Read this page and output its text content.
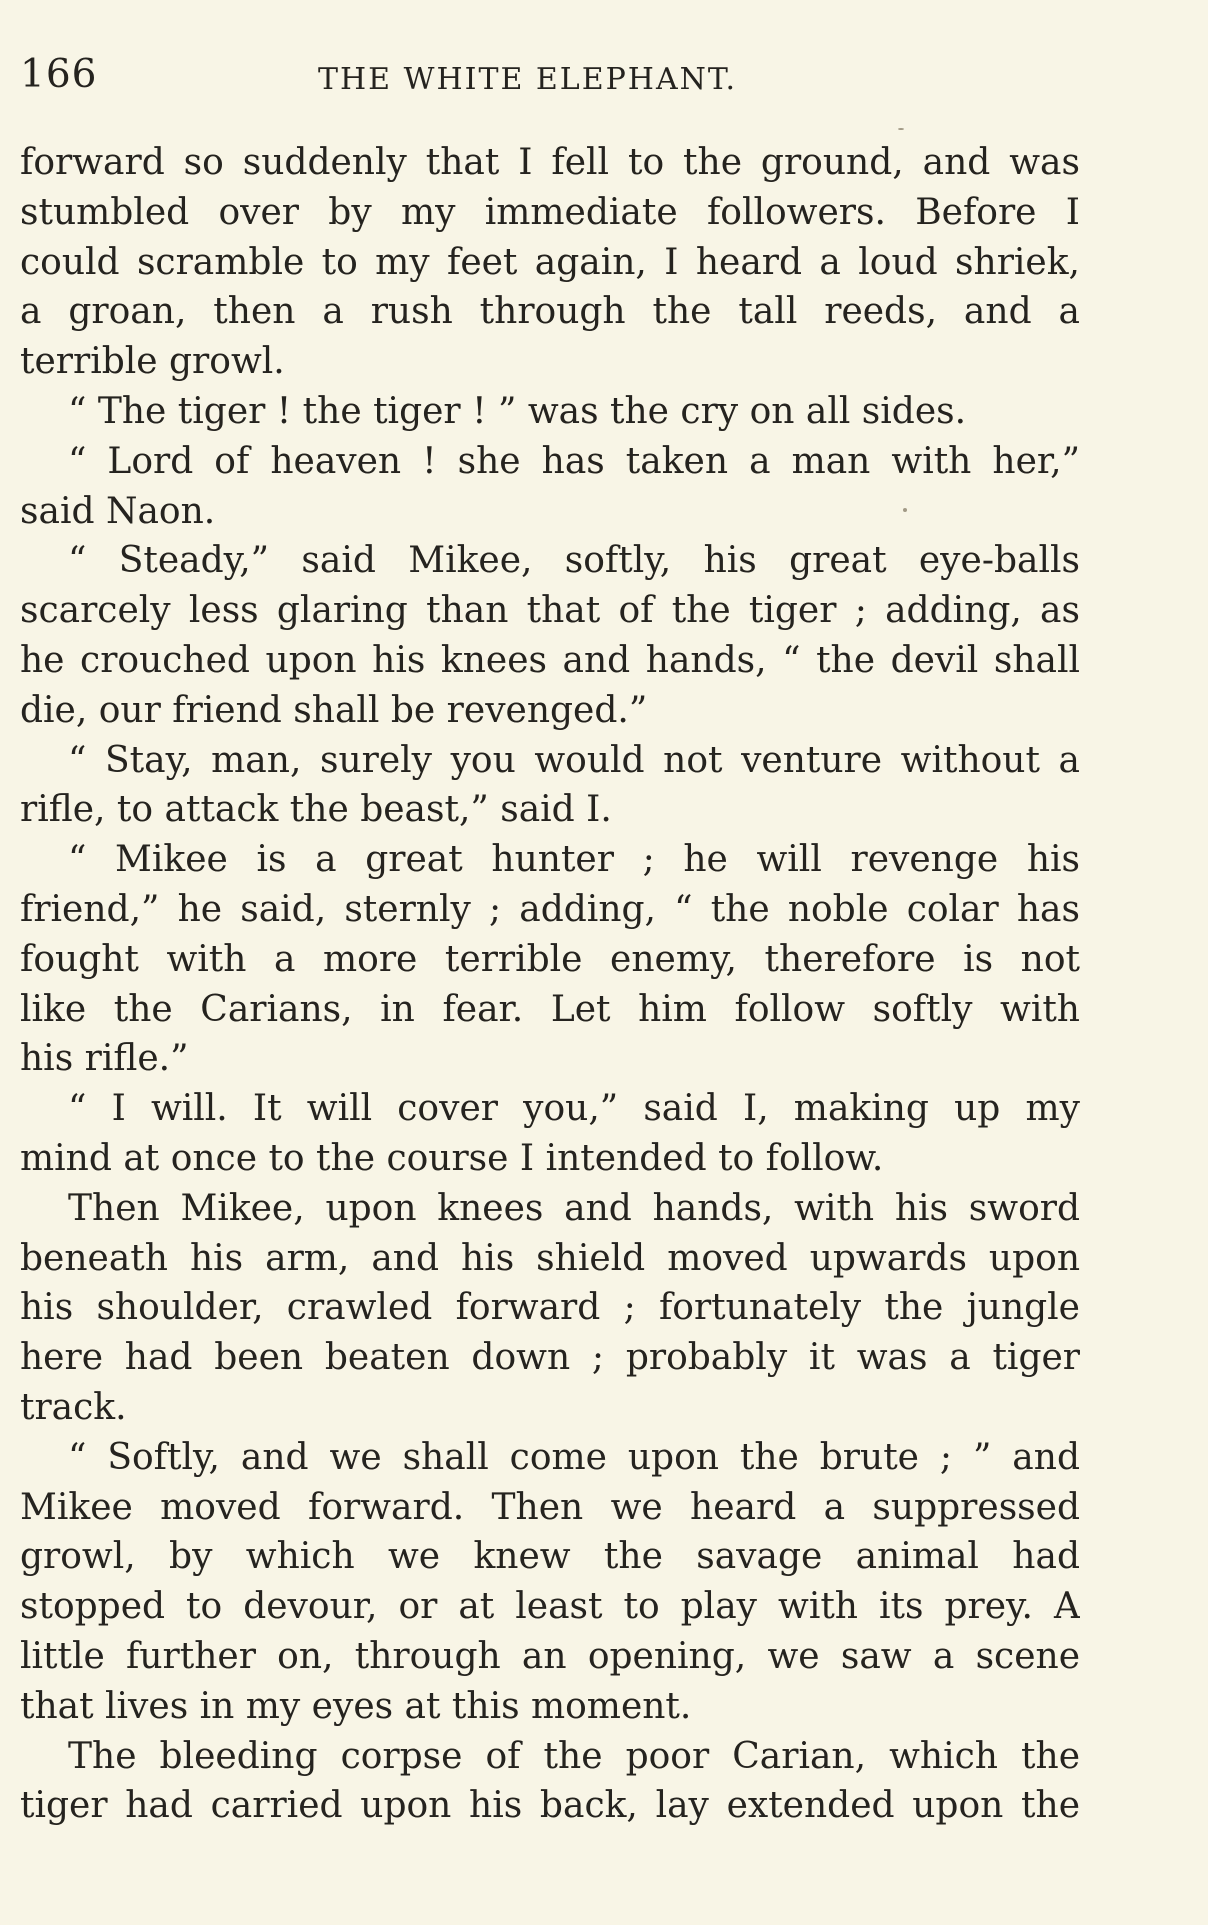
166	THE WHITE ELEPHANT.
forward so suddenly that I fell to the ground, and was
stumbled over by my immediate followers. Before I
could scramble to my feet again, I heard a loud shriek,
a groan, then a rush through the tall reeds, and a
terrible growl.
“ The tiger ! the tiger ! ” was the cry on all sides.
“ Lord of heaven ! she has taken a man with her,”
said Naon.
“ Steady,” said Mikee, softly, his great eye-balls
scarcely less glaring than that of the tiger ; adding, as
he crouched upon his knees and hands, “ the devil shall
die, our friend shall be revenged.”
“ Stay, man, surely you would not venture without a
rifle, to attack the beast,” said I.
“ Mikee is a great hunter ; he will revenge his
friend,” he said, sternly ; adding, “ the noble colar has
fought with a more terrible enemy, therefore is not
like the Carians, in fear. Let him follow softly with
his rifle.”
“ I will. It will cover you,” said I, making up my
mind at once to the course I intended to follow.
Then Mikee, upon knees and hands, with his sword
beneath his arm, and his shield moved upwards upon
his shoulder, crawled forward ; fortunately the jungle
here had been beaten down ; probably it was a tiger
track.
“ Softly, and we shall come upon the brute ; ” and
Mikee moved forward. Then we heard a suppressed
growl, by which we knew the savage animal had
stopped to devour, or at least to play with its prey. A
little further on, through an opening, we saw a scene
that lives in my eyes at this moment.
The bleeding corpse of the poor Carian, which the
tiger had carried upon his back, lay extended upon the
